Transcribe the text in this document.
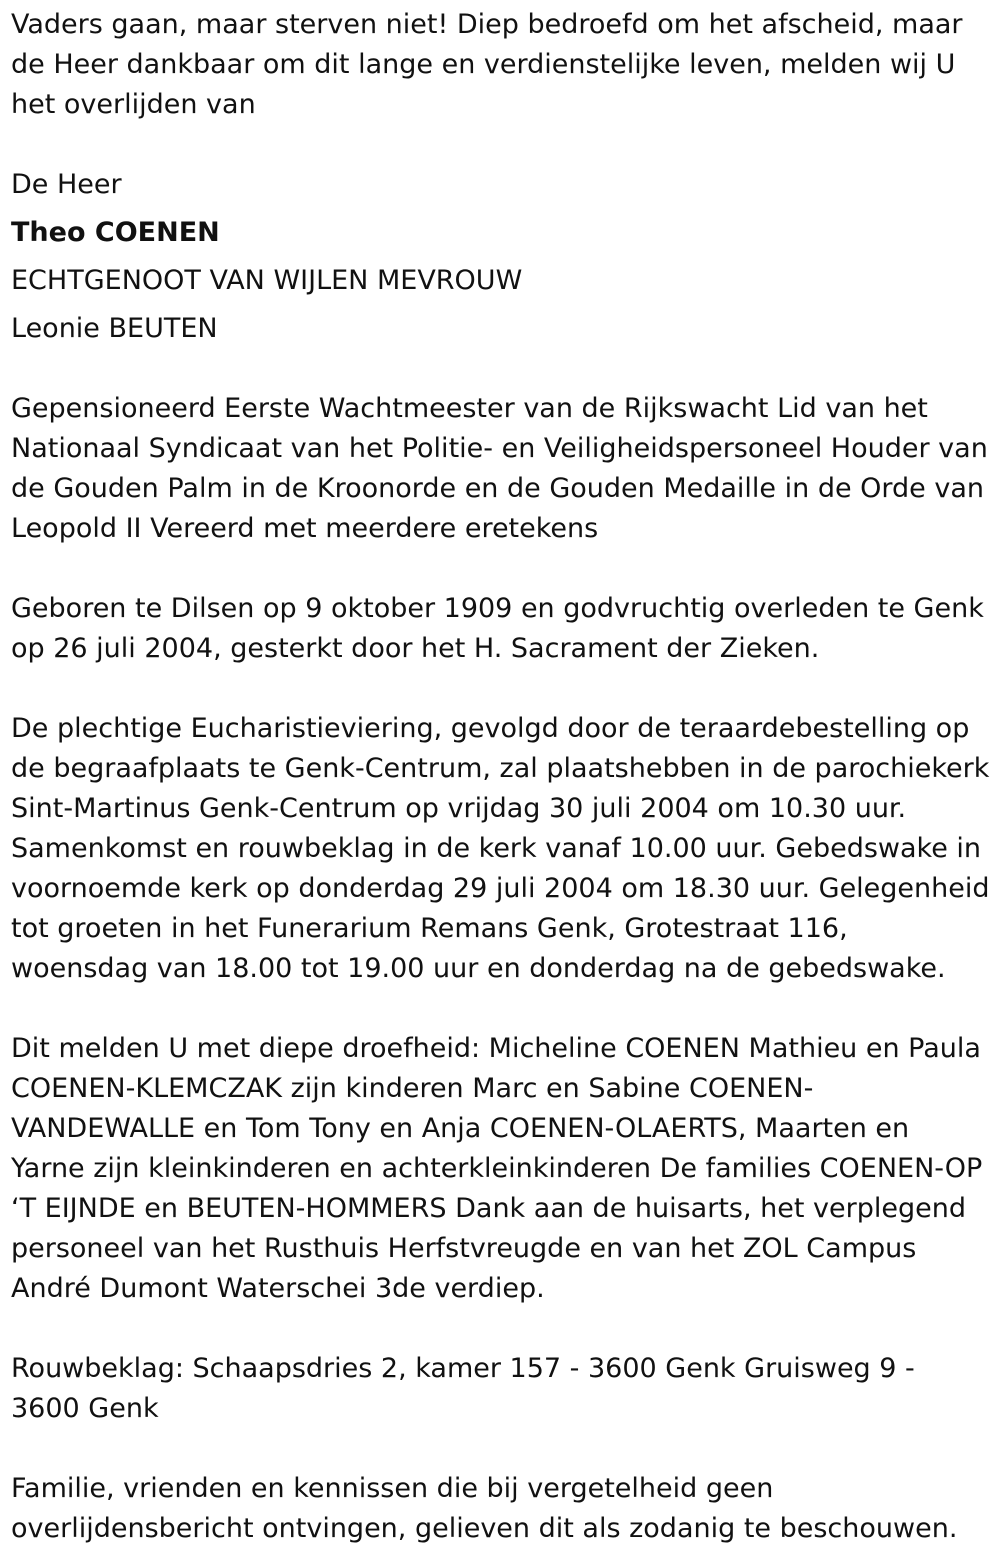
Vaders gaan, maar sterven niet! Diep bedroefd om het afscheid, maar de Heer dankbaar om dit lange en verdienstelijke leven, melden wij U het overlijden van

De Heer

Theo COENEN

ECHTGENOOT VAN WIJLEN MEVROUW

Leonie BEUTEN

Gepensioneerd Eerste Wachtmeester van de Rijkswacht Lid van het Nationaal Syndicaat van het Politie- en Veiligheidspersoneel Houder van de Gouden Palm in de Kroonorde en de Gouden Medaille in de Orde van Leopold II Vereerd met meerdere eretekens

Geboren te Dilsen op 9 oktober 1909 en godvruchtig overleden te Genk op 26 juli 2004, gesterkt door het H. Sacrament der Zieken.

De plechtige Eucharistieviering, gevolgd door de teraardebestelling op de begraafplaats te Genk-Centrum, zal plaatshebben in de parochiekerk Sint-Martinus Genk-Centrum op vrijdag 30 juli 2004 om 10.30 uur. Samenkomst en rouwbeklag in de kerk vanaf 10.00 uur. Gebedswake in voornoemde kerk op donderdag 29 juli 2004 om 18.30 uur. Gelegenheid tot groeten in het Funerarium Remans Genk, Grotestraat 116, woensdag van 18.00 tot 19.00 uur en donderdag na de gebedswake.

Dit melden U met diepe droefheid: Micheline COENEN Mathieu en Paula COENEN-KLEMCZAK zijn kinderen Marc en Sabine COENEN-VANDEWALLE en Tom Tony en Anja COENEN-OLAERTS, Maarten en Yarne zijn kleinkinderen en achterkleinkinderen De families COENEN-OP ‘T EIJNDE en BEUTEN-HOMMERS Dank aan de huisarts, het verplegend personeel van het Rusthuis Herfstvreugde en van het ZOL Campus André Dumont Waterschei 3de verdiep.

Rouwbeklag: Schaapsdries 2, kamer 157 - 3600 Genk Gruisweg 9 - 3600 Genk

Familie, vrienden en kennissen die bij vergetelheid geen overlijdensbericht ontvingen, gelieven dit als zodanig te beschouwen.
